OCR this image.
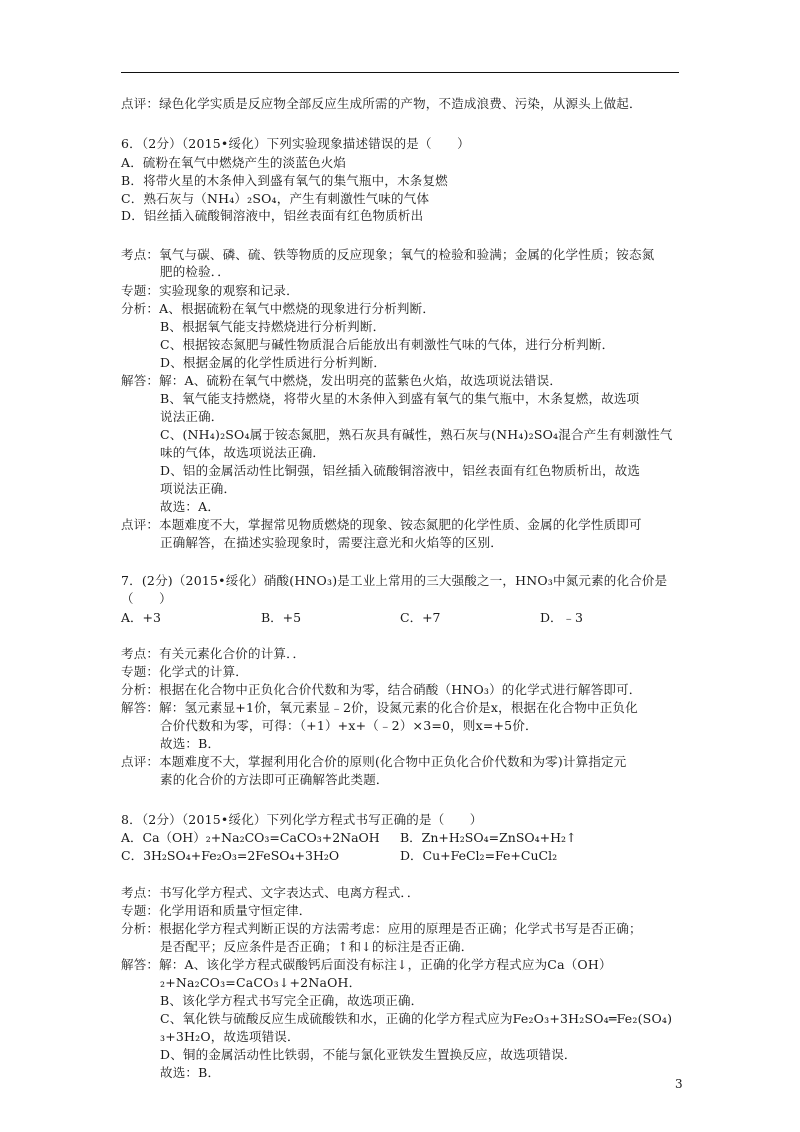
点评：绿色化学实质是反应物全部反应生成所需的产物，不造成浪费、污染，从源头上做起．
6．（2分）（2015•绥化）下列实验现象描述错误的是（　　）
A．硫粉在氧气中燃烧产生的淡蓝色火焰
B．将带火星的木条伸入到盛有氧气的集气瓶中，木条复燃
C．熟石灰与（NH₄）₂SO₄，产生有刺激性气味的气体
D．铝丝插入硫酸铜溶液中，铝丝表面有红色物质析出
考点：氧气与碳、磷、硫、铁等物质的反应现象；氧气的检验和验满；金属的化学性质；铵态氮
肥的检验．．
专题：实验现象的观察和记录．
分析：A、根据硫粉在氧气中燃烧的现象进行分析判断．
B、根据氧气能支持燃烧进行分析判断．
C、根据铵态氮肥与碱性物质混合后能放出有刺激性气味的气体，进行分析判断．
D、根据金属的化学性质进行分析判断．
解答：解：A、硫粉在氧气中燃烧，发出明亮的蓝紫色火焰，故选项说法错误．
B、氧气能支持燃烧，将带火星的木条伸入到盛有氧气的集气瓶中，木条复燃，故选项
说法正确．
C、(NH₄)₂SO₄属于铵态氮肥，熟石灰具有碱性，熟石灰与(NH₄)₂SO₄混合产生有刺激性气
味的气体，故选项说法正确．
D、铝的金属活动性比铜强，铝丝插入硫酸铜溶液中，铝丝表面有红色物质析出，故选
项说法正确．
故选：A．
点评：本题难度不大，掌握常见物质燃烧的现象、铵态氮肥的化学性质、金属的化学性质即可
正确解答，在描述实验现象时，需要注意光和火焰等的区别．
7．(2分)（2015•绥化）硝酸(HNO₃)是工业上常用的三大强酸之一，HNO₃中氮元素的化合价是
（　　）
A．+3	B．+5	C．+7	D．﹣3
考点：有关元素化合价的计算．．
专题：化学式的计算．
分析：根据在化合物中正负化合价代数和为零，结合硝酸（HNO₃）的化学式进行解答即可．
解答：解：氢元素显+1价，氧元素显﹣2价，设氮元素的化合价是x，根据在化合物中正负化
合价代数和为零，可得：（+1）+x+（﹣2）×3=0，则x=+5价．
故选：B．
点评：本题难度不大，掌握利用化合价的原则(化合物中正负化合价代数和为零)计算指定元
素的化合价的方法即可正确解答此类题．
8．（2分）（2015•绥化）下列化学方程式书写正确的是（　　）
A．Ca（OH）₂+Na₂CO₃=CaCO₃+2NaOH B．Zn+H₂SO₄=ZnSO₄+H₂↑
C．3H₂SO₄+Fe₂O₃=2FeSO₄+3H₂O	D．Cu+FeCl₂=Fe+CuCl₂
考点：书写化学方程式、文字表达式、电离方程式．．
专题：化学用语和质量守恒定律．
分析：根据化学方程式判断正误的方法需考虑：应用的原理是否正确；化学式书写是否正确；
是否配平；反应条件是否正确；↑和↓的标注是否正确．
解答：解：A、该化学方程式碳酸钙后面没有标注↓，正确的化学方程式应为Ca（OH）
₂+Na₂CO₃=CaCO₃↓+2NaOH．
B、该化学方程式书写完全正确，故选项正确．
C、氧化铁与硫酸反应生成硫酸铁和水，正确的化学方程式应为Fe₂O₃+3H₂SO₄═Fe₂(SO₄)
₃+3H₂O，故选项错误．
D、铜的金属活动性比铁弱，不能与氯化亚铁发生置换反应，故选项错误．
故选：B．
3
